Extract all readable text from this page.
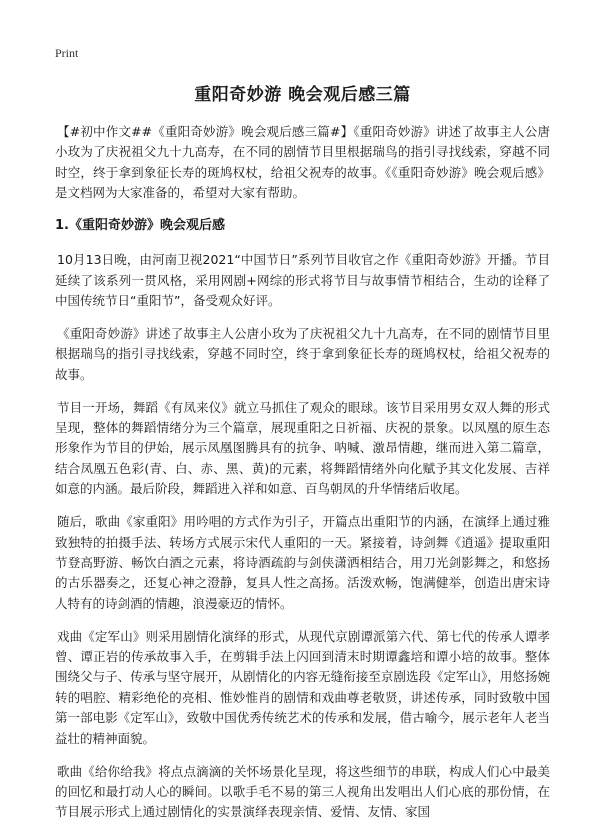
Print
重阳奇妙游 晚会观后感三篇

【#初中作文##《重阳奇妙游》晚会观后感三篇#】《重阳奇妙游》讲述了故事主人公唐小玫为了庆祝祖父九十九高寿，在不同的剧情节目里根据瑞鸟的指引寻找线索，穿越不同时空，终于拿到象征长寿的斑鸠权杖，给祖父祝寿的故事。《《重阳奇妙游》晚会观后感》是文档网为大家准备的，希望对大家有帮助。

1.《重阳奇妙游》晚会观后感

10月13日晚，由河南卫视2021“中国节日”系列节目收官之作《重阳奇妙游》开播。节目延续了该系列一贯风格，采用网剧+网综的形式将节目与故事情节相结合，生动的诠释了中国传统节日“重阳节”，备受观众好评。

《重阳奇妙游》讲述了故事主人公唐小玫为了庆祝祖父九十九高寿，在不同的剧情节目里根据瑞鸟的指引寻找线索，穿越不同时空，终于拿到象征长寿的斑鸠权杖，给祖父祝寿的故事。

节目一开场，舞蹈《有凤来仪》就立马抓住了观众的眼球。该节目采用男女双人舞的形式呈现，整体的舞蹈情绪分为三个篇章，展现重阳之日祈福、庆祝的景象。以凤凰的原生态形象作为节目的伊始，展示凤凰图腾具有的抗争、呐喊、激昂情趣，继而进入第二篇章，结合凤凰五色彩(青、白、赤、黑、黄)的元素，将舞蹈情绪外向化赋予其文化发展、吉祥如意的内涵。最后阶段，舞蹈进入祥和如意、百鸟朝凤的升华情绪后收尾。

随后，歌曲《家重阳》用吟唱的方式作为引子，开篇点出重阳节的内涵，在演绎上通过雅致独特的拍摄手法、转场方式展示宋代人重阳的一天。紧接着，诗剑舞《逍遥》提取重阳节登高野游、畅饮白酒之元素，将诗酒疏韵与剑侠潇洒相结合，用刀光剑影舞之，和悠扬的古乐器奏之，还复心神之澄静，复具人性之高扬。活泼欢畅，饱满健举，创造出唐宋诗人特有的诗剑酒的情趣，浪漫豪迈的情怀。

戏曲《定军山》则采用剧情化演绎的形式，从现代京剧谭派第六代、第七代的传承人谭孝曾、谭正岩的传承故事入手，在剪辑手法上闪回到清末时期谭鑫培和谭小培的故事。整体围绕父与子、传承与坚守展开，从剧情化的内容无缝衔接至京剧选段《定军山》，用悠扬婉转的唱腔、精彩绝伦的亮相、惟妙惟肖的剧情和戏曲尊老敬贤，讲述传承，同时致敬中国第一部电影《定军山》，致敬中国优秀传统艺术的传承和发展，借古喻今，展示老年人老当益壮的精神面貌。

歌曲《给你给我》将点点滴滴的关怀场景化呈现，将这些细节的串联，构成人们心中最美的回忆和最打动人心的瞬间。以歌手毛不易的第三人视角出发唱出人们心底的那份情，在节目展示形式上通过剧情化的实景演绎表现亲情、爱情、友情、家国
